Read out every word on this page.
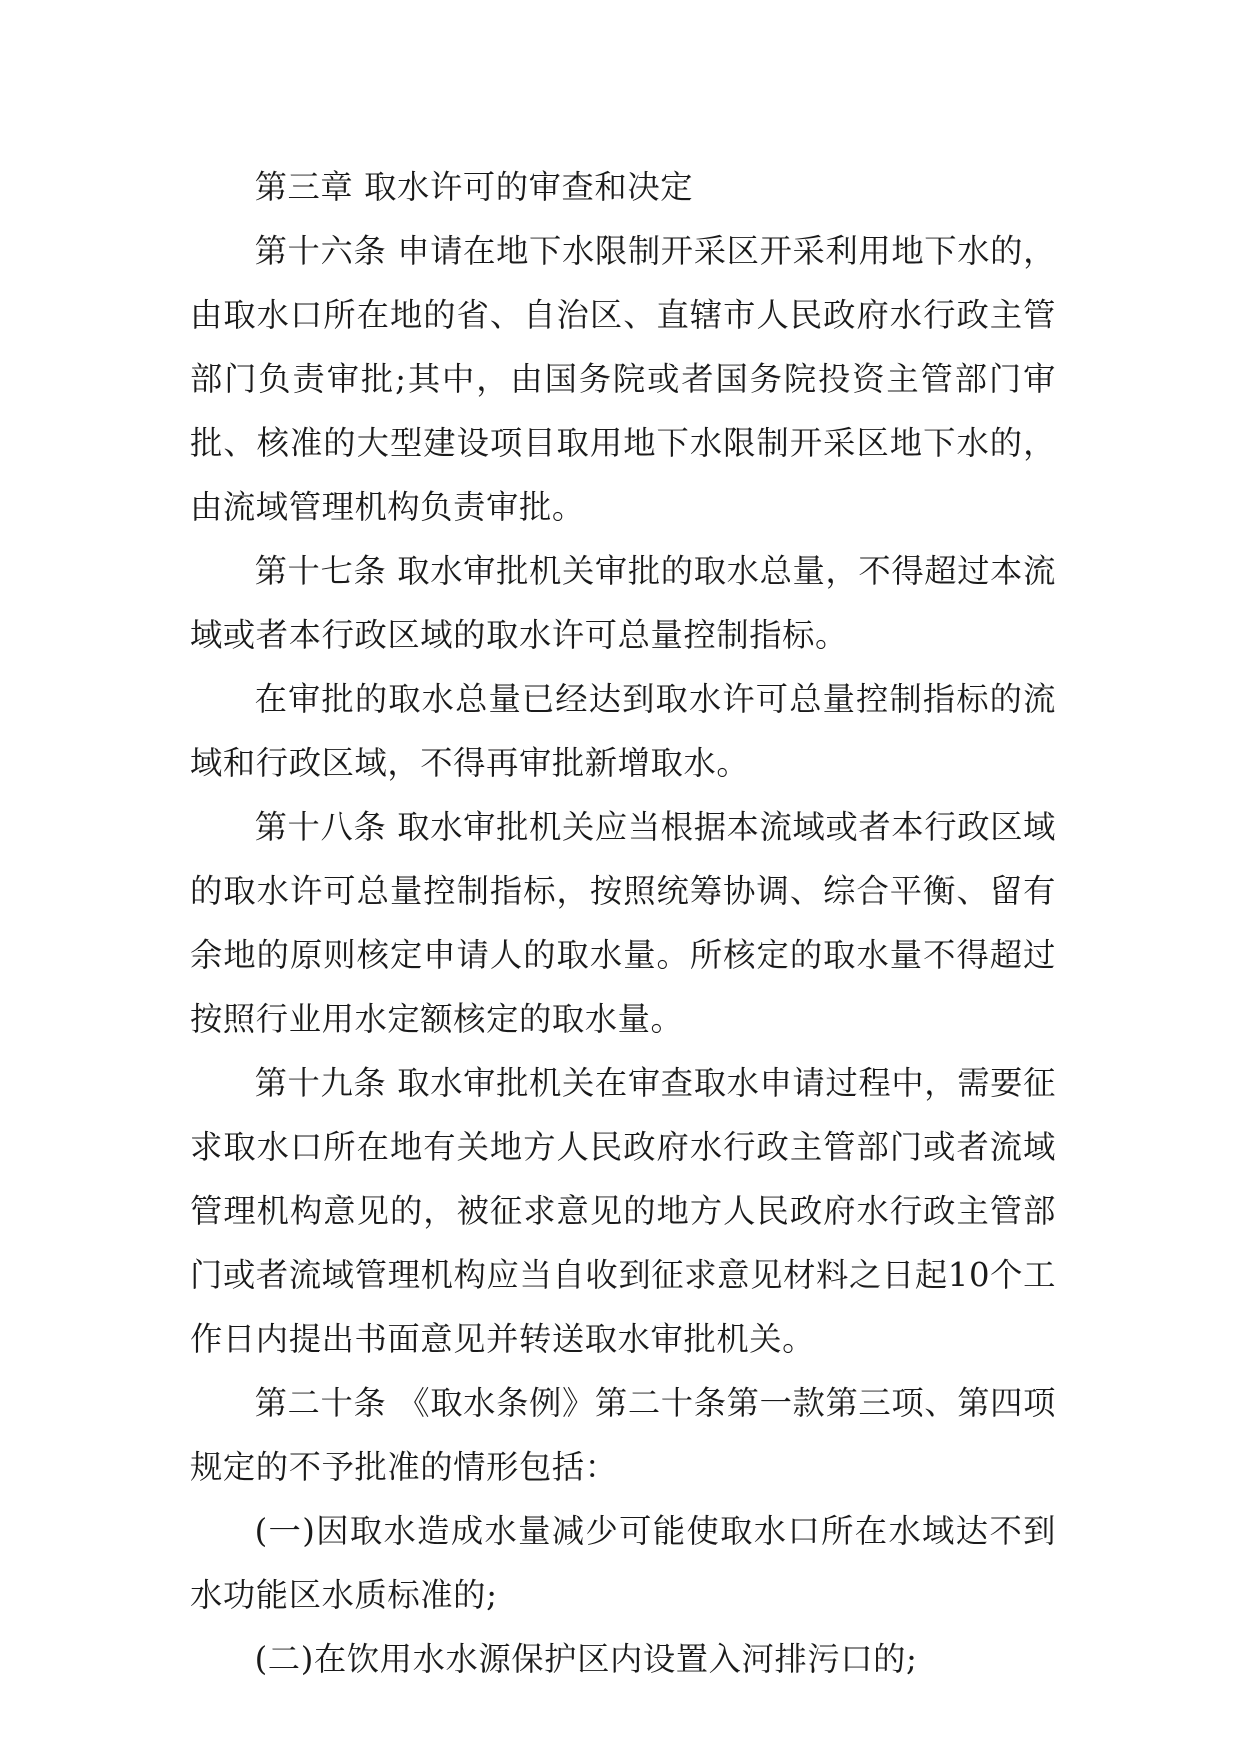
第三章 取水许可的审查和决定

第十六条 申请在地下水限制开采区开采利用地下水的，由取水口所在地的省、自治区、直辖市人民政府水行政主管部门负责审批;其中，由国务院或者国务院投资主管部门审批、核准的大型建设项目取用地下水限制开采区地下水的，由流域管理机构负责审批。

第十七条 取水审批机关审批的取水总量，不得超过本流域或者本行政区域的取水许可总量控制指标。

在审批的取水总量已经达到取水许可总量控制指标的流域和行政区域，不得再审批新增取水。

第十八条 取水审批机关应当根据本流域或者本行政区域的取水许可总量控制指标，按照统筹协调、综合平衡、留有余地的原则核定申请人的取水量。所核定的取水量不得超过按照行业用水定额核定的取水量。

第十九条 取水审批机关在审查取水申请过程中，需要征求取水口所在地有关地方人民政府水行政主管部门或者流域管理机构意见的，被征求意见的地方人民政府水行政主管部门或者流域管理机构应当自收到征求意见材料之日起10个工作日内提出书面意见并转送取水审批机关。

第二十条 《取水条例》第二十条第一款第三项、第四项规定的不予批准的情形包括：

(一)因取水造成水量减少可能使取水口所在水域达不到水功能区水质标准的;

(二)在饮用水水源保护区内设置入河排污口的;
